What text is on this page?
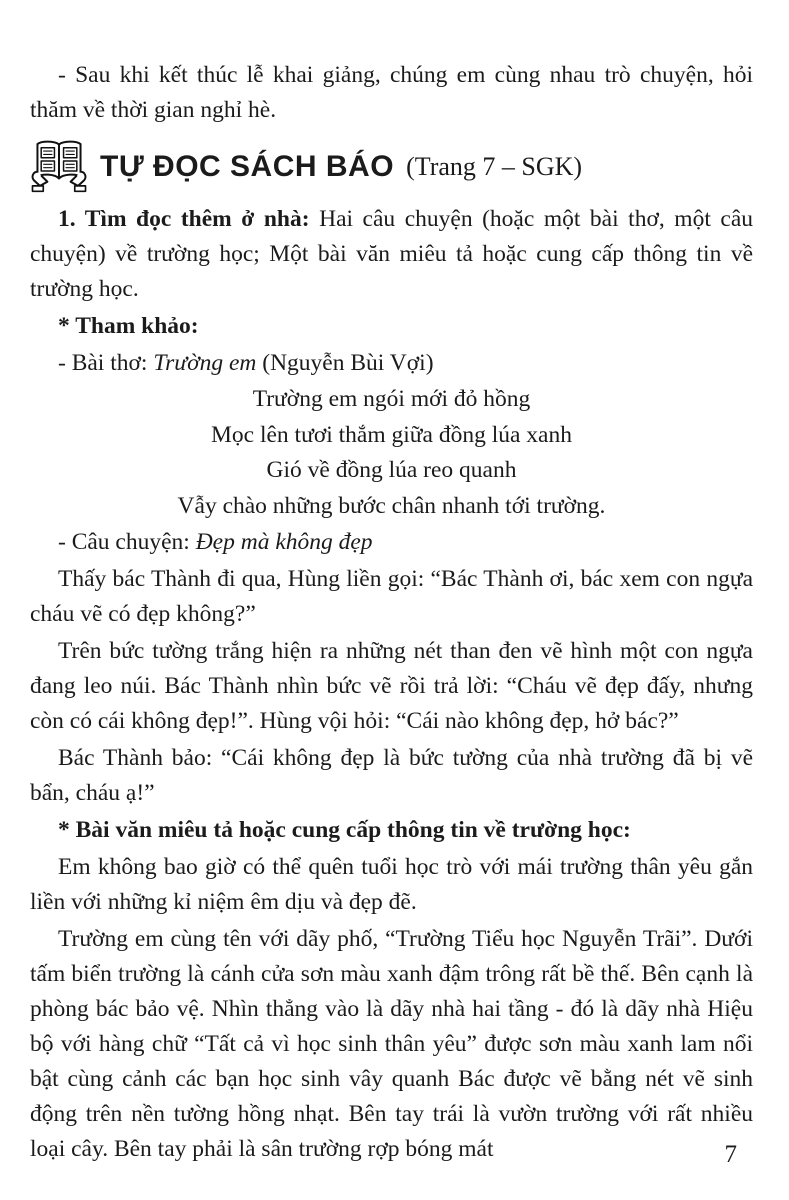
- Sau khi kết thúc lễ khai giảng, chúng em cùng nhau trò chuyện, hỏi thăm về thời gian nghỉ hè.

TỰ ĐỌC SÁCH BÁO (Trang 7 – SGK)

1. Tìm đọc thêm ở nhà: Hai câu chuyện (hoặc một bài thơ, một câu chuyện) về trường học; Một bài văn miêu tả hoặc cung cấp thông tin về trường học.

* Tham khảo:

- Bài thơ: Trường em (Nguyễn Bùi Vợi)

Trường em ngói mới đỏ hồng
Mọc lên tươi thắm giữa đồng lúa xanh
Gió về đồng lúa reo quanh
Vẫy chào những bước chân nhanh tới trường.

- Câu chuyện: Đẹp mà không đẹp

Thấy bác Thành đi qua, Hùng liền gọi: “Bác Thành ơi, bác xem con ngựa cháu vẽ có đẹp không?”

Trên bức tường trắng hiện ra những nét than đen vẽ hình một con ngựa đang leo núi. Bác Thành nhìn bức vẽ rồi trả lời: “Cháu vẽ đẹp đấy, nhưng còn có cái không đẹp!”. Hùng vội hỏi: “Cái nào không đẹp, hở bác?”

Bác Thành bảo: “Cái không đẹp là bức tường của nhà trường đã bị vẽ bẩn, cháu ạ!”

* Bài văn miêu tả hoặc cung cấp thông tin về trường học:

Em không bao giờ có thể quên tuổi học trò với mái trường thân yêu gắn liền với những kỉ niệm êm dịu và đẹp đẽ.

Trường em cùng tên với dãy phố, “Trường Tiểu học Nguyễn Trãi”. Dưới tấm biển trường là cánh cửa sơn màu xanh đậm trông rất bề thế. Bên cạnh là phòng bác bảo vệ. Nhìn thẳng vào là dãy nhà hai tầng - đó là dãy nhà Hiệu bộ với hàng chữ “Tất cả vì học sinh thân yêu” được sơn màu xanh lam nổi bật cùng cảnh các bạn học sinh vây quanh Bác được vẽ bằng nét vẽ sinh động trên nền tường hồng nhạt. Bên tay trái là vườn trường với rất nhiều loại cây. Bên tay phải là sân trường rợp bóng mát	7
